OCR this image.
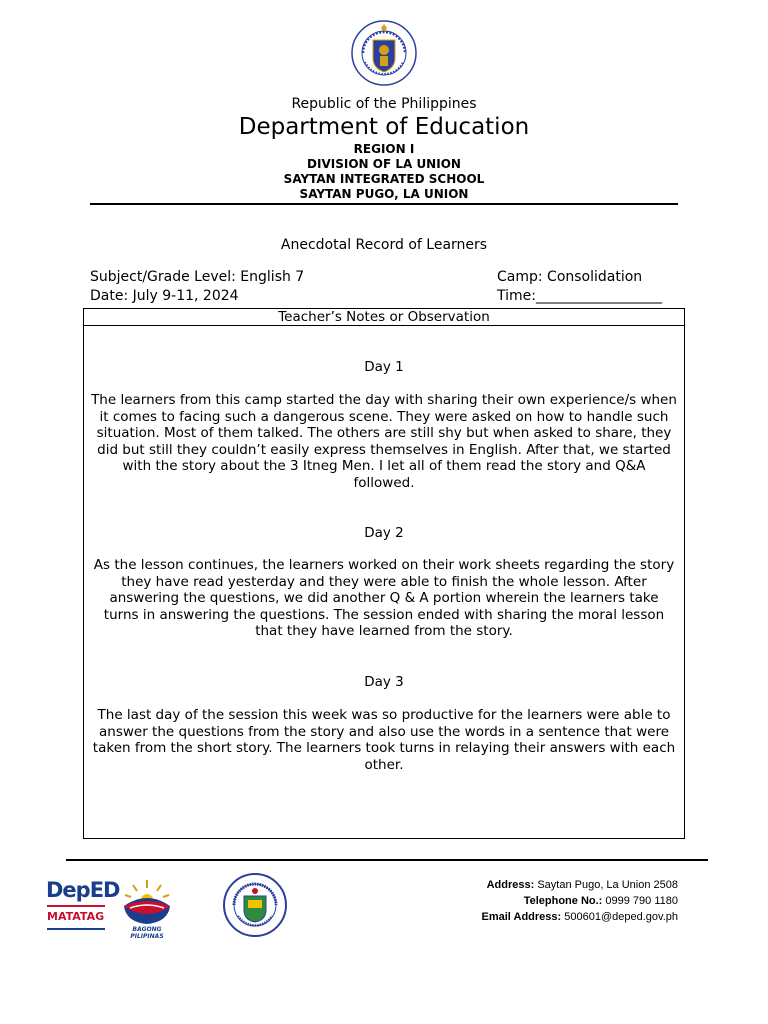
Republic of the Philippines
Department of Education
REGION I
DIVISION OF LA UNION
SAYTAN INTEGRATED SCHOOL
SAYTAN PUGO, LA UNION
Anecdotal Record of Learners
Subject/Grade Level: English 7	Camp: Consolidation
Date: July 9-11, 2024	Time:__________________
Teacher’s Notes or Observation
Day 1
The learners from this camp started the day with sharing their own experience/s when it comes to facing such a dangerous scene. They were asked on how to handle such situation. Most of them talked. The others are still shy but when asked to share, they did but still they couldn’t easily express themselves in English. After that, we started with the story about the 3 Itneg Men. I let all of them read the story and Q&A followed.
Day 2
As the lesson continues, the learners worked on their work sheets regarding the story they have read yesterday and they were able to finish the whole lesson. After answering the questions, we did another Q & A portion wherein the learners take turns in answering the questions. The session ended with sharing the moral lesson that they have learned from the story.
Day 3
The last day of the session this week was so productive for the learners were able to answer the questions from the story and also use the words in a sentence that were taken from the short story. The learners took turns in relaying their answers with each other.
DepED
MATATAG
BAGONG PILIPINAS
Address: Saytan Pugo, La Union 2508
Telephone No.: 0999 790 1180
Email Address: 500601@deped.gov.ph
